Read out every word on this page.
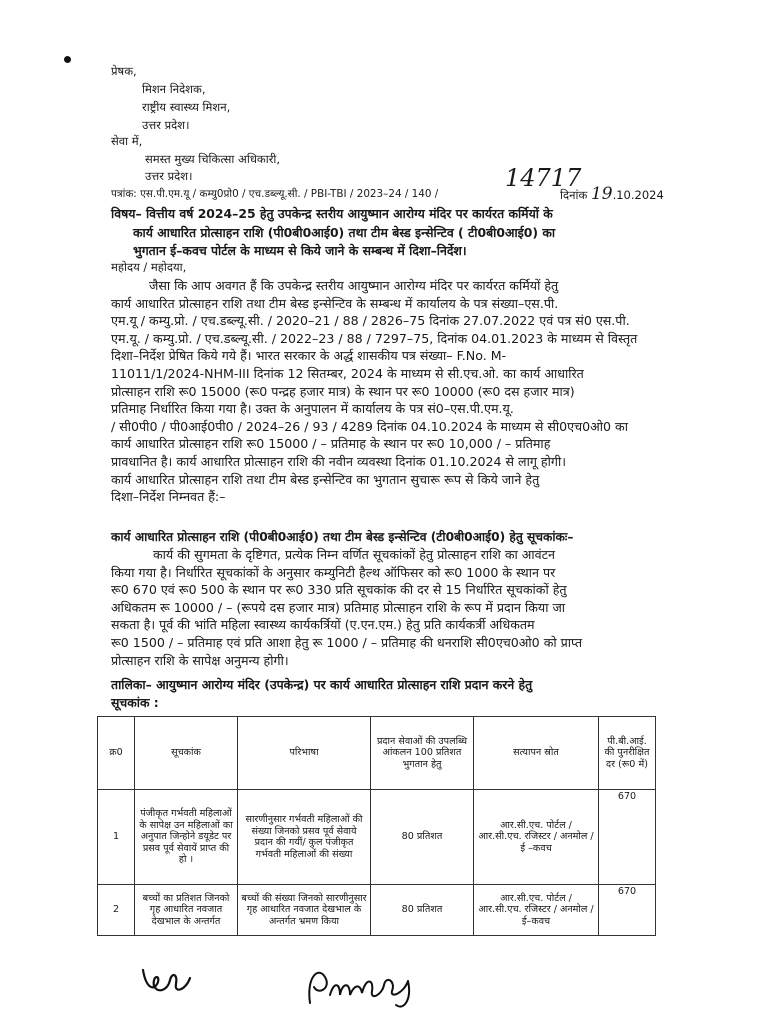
प्रेषक,
मिशन निदेशक,
राष्ट्रीय स्वास्थ्य मिशन,
उत्तर प्रदेश।
सेवा में,
समस्त मुख्य चिकित्सा अधिकारी,
उत्तर प्रदेश।
पत्रांक: एस.पी.एम.यू / कम्यु0प्रो0 / एच.डब्ल्यू.सी. / PBI-TBI / 2023–24 / 140 /
14717
दिनांक 19.10.2024
विषय– वित्तीय वर्ष 2024–25 हेतु उपकेन्द्र स्तरीय आयुष्मान आरोग्य मंदिर पर कार्यरत कर्मियों के
कार्य आधारित प्रोत्साहन राशि (पी0बी0आई0) तथा टीम बेस्ड इन्सेन्टिव ( टी0बी0आई0) का
भुगतान ई–कवच पोर्टल के माध्यम से किये जाने के सम्बन्ध में दिशा–निर्देश।
महोदय / महोदया,
जैसा कि आप अवगत हैं कि उपकेन्द्र स्तरीय आयुष्मान आरोग्य मंदिर पर कार्यरत कर्मियों हेतु
कार्य आधारित प्रोत्साहन राशि तथा टीम बेस्ड इन्सेन्टिव के सम्बन्ध में कार्यालय के पत्र संख्या–एस.पी.
एम.यू / कम्यु.प्रो. / एच.डब्ल्यू.सी. / 2020–21 / 88 / 2826–75 दिनांक 27.07.2022 एवं पत्र सं0 एस.पी.
एम.यू. / कम्यु.प्रो. / एच.डब्ल्यू.सी. / 2022–23 / 88 / 7297–75, दिनांक 04.01.2023 के माध्यम से विस्तृत
दिशा–निर्देश प्रेषित किये गये हैं। भारत सरकार के अर्द्ध शासकीय पत्र संख्या– F.No. M-
11011/1/2024-NHM-III दिनांक 12 सितम्बर, 2024 के माध्यम से सी.एच.ओ. का कार्य आधारित
प्रोत्साहन राशि रू0 15000 (रू0 पन्द्रह हजार मात्र) के स्थान पर रू0 10000 (रू0 दस हजार मात्र)
प्रतिमाह निर्धारित किया गया है। उक्त के अनुपालन में कार्यालय के पत्र सं0–एस.पी.एम.यू.
/ सी0पी0 / पी0आई0पी0 / 2024–26 / 93 / 4289 दिनांक 04.10.2024 के माध्यम से सी0एच0ओ0 का
कार्य आधारित प्रोत्साहन राशि रू0 15000 / – प्रतिमाह के स्थान पर रू0 10,000 / – प्रतिमाह
प्रावधानित है। कार्य आधारित प्रोत्साहन राशि की नवीन व्यवस्था दिनांक 01.10.2024 से लागू होगी।
कार्य आधारित प्रोत्साहन राशि तथा टीम बेस्ड इन्सेन्टिव का भुगतान सुचारू रूप से किये जाने हेतु
दिशा–निर्देश निम्नवत हैं:–
कार्य आधारित प्रोत्साहन राशि (पी0बी0आई0) तथा टीम बेस्ड इन्सेन्टिव (टी0बी0आई0) हेतु सूचकांकः–
कार्य की सुगमता के दृष्टिगत, प्रत्येक निम्न वर्णित सूचकांकों हेतु प्रोत्साहन राशि का आवंटन
किया गया है। निर्धारित सूचकांकों के अनुसार कम्युनिटी हैल्थ ऑफिसर को रू0 1000 के स्थान पर
रू0 670 एवं रू0 500 के स्थान पर रू0 330 प्रति सूचकांक की दर से 15 निर्धारित सूचकांकों हेतु
अधिकतम रू 10000 / – (रूपये दस हजार मात्र) प्रतिमाह प्रोत्साहन राशि के रूप में प्रदान किया जा
सकता है। पूर्व की भांति महिला स्वास्थ्य कार्यकर्त्रियों (ए.एन.एम.) हेतु प्रति कार्यकर्त्री अधिकतम
रू0 1500 / – प्रतिमाह एवं प्रति आशा हेतु रू 1000 / – प्रतिमाह की धनराशि सी0एच0ओ0 को प्राप्त
प्रोत्साहन राशि के सापेक्ष अनुमन्य होगी।
तालिका– आयुष्मान आरोग्य मंदिर (उपकेन्द्र) पर कार्य आधारित प्रोत्साहन राशि प्रदान करने हेतु
सूचकांक :
क्र0	सूचकांक	परिभाषा	प्रदान सेवाओं की उपलब्धि आंकलन 100 प्रतिशत भुगतान हेतु	सत्यापन स्रोत	पी.बी.आई. की पुनरीक्षित दर (रू0 में)
1	पंजीकृत गर्भवती महिलाओं के सापेक्ष उन महिलाओं का अनुपात जिन्होने डयूडेट पर प्रसव पूर्व सेवायें प्राप्त की हो ।	सारणीनुसार गर्भवती महिलाओं की संख्या जिनको प्रसव पूर्व सेवाये प्रदान की गयीं/ कुल पंजीकृत गर्भवती महिलाओं की संख्या	80 प्रतिशत	आर.सी.एच. पोर्टल / आर.सी.एच. रजिस्टर / अनमोल / ई –कवच	670
2	बच्चों का प्रतिशत जिनको गृह आधारित नवजात देखभाल के अन्तर्गत	बच्चों की संख्या जिनको सारणीनुसार गृह आधारित नवजात देखभाल के अन्तर्गत भ्रमण किया	80 प्रतिशत	आर.सी.एच. पोर्टल / आर.सी.एच. रजिस्टर / अनमोल / ई–कवच	670
